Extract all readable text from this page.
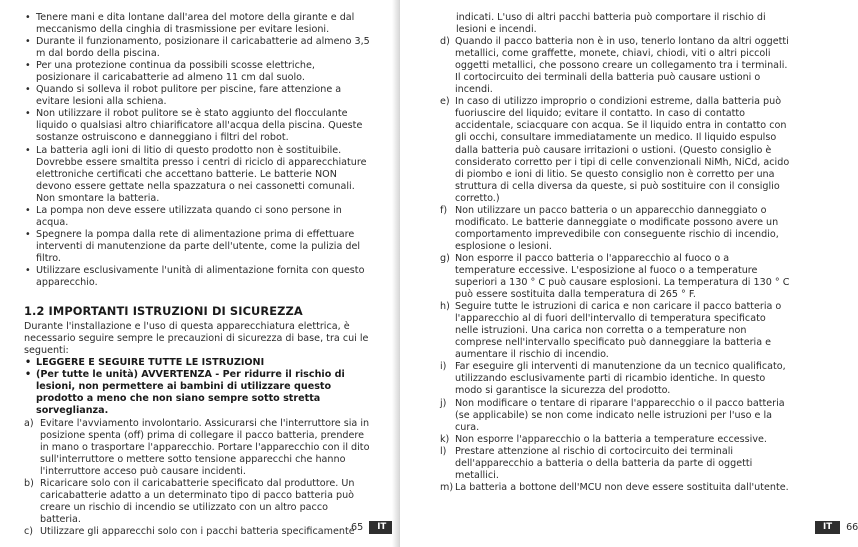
• Tenere mani e dita lontane dall'area del motore della girante e dal meccanismo della cinghia di trasmissione per evitare lesioni.
• Durante il funzionamento, posizionare il caricabatterie ad almeno 3,5 m dal bordo della piscina.
• Per una protezione continua da possibili scosse elettriche, posizionare il caricabatterie ad almeno 11 cm dal suolo.
• Quando si solleva il robot pulitore per piscine, fare attenzione a evitare lesioni alla schiena.
• Non utilizzare il robot pulitore se è stato aggiunto del flocculante liquido o qualsiasi altro chiarificatore all'acqua della piscina. Queste sostanze ostruiscono e danneggiano i filtri del robot.
• La batteria agli ioni di litio di questo prodotto non è sostituibile. Dovrebbe essere smaltita presso i centri di riciclo di apparecchiature elettroniche certificati che accettano batterie. Le batterie NON devono essere gettate nella spazzatura o nei cassonetti comunali. Non smontare la batteria.
• La pompa non deve essere utilizzata quando ci sono persone in acqua.
• Spegnere la pompa dalla rete di alimentazione prima di effettuare interventi di manutenzione da parte dell'utente, come la pulizia del filtro.
• Utilizzare esclusivamente l'unità di alimentazione fornita con questo apparecchio.
1.2 IMPORTANTI ISTRUZIONI DI SICUREZZA
Durante l'installazione e l'uso di questa apparecchiatura elettrica, è necessario seguire sempre le precauzioni di sicurezza di base, tra cui le seguenti:
• LEGGERE E SEGUIRE TUTTE LE ISTRUZIONI
• (Per tutte le unità) AVVERTENZA - Per ridurre il rischio di lesioni, non permettere ai bambini di utilizzare questo prodotto a meno che non siano sempre sotto stretta sorveglianza.
a) Evitare l'avviamento involontario. Assicurarsi che l'interruttore sia in posizione spenta (off) prima di collegare il pacco batteria, prendere in mano o trasportare l'apparecchio. Portare l'apparecchio con il dito sull'interruttore o mettere sotto tensione apparecchi che hanno l'interruttore acceso può causare incidenti.
b) Ricaricare solo con il caricabatterie specificato dal produttore. Un caricabatterie adatto a un determinato tipo di pacco batteria può creare un rischio di incendio se utilizzato con un altro pacco batteria.
c) Utilizzare gli apparecchi solo con i pacchi batteria specificamente
65	IT
indicati. L'uso di altri pacchi batteria può comportare il rischio di lesioni e incendi.
d) Quando il pacco batteria non è in uso, tenerlo lontano da altri oggetti metallici, come graffette, monete, chiavi, chiodi, viti o altri piccoli oggetti metallici, che possono creare un collegamento tra i terminali. Il cortocircuito dei terminali della batteria può causare ustioni o incendi.
e) In caso di utilizzo improprio o condizioni estreme, dalla batteria può fuoriuscire del liquido; evitare il contatto. In caso di contatto accidentale, sciacquare con acqua. Se il liquido entra in contatto con gli occhi, consultare immediatamente un medico. Il liquido espulso dalla batteria può causare irritazioni o ustioni. (Questo consiglio è considerato corretto per i tipi di celle convenzionali NiMh, NiCd, acido di piombo e ioni di litio. Se questo consiglio non è corretto per una struttura di cella diversa da queste, si può sostituire con il consiglio corretto.)
f) Non utilizzare un pacco batteria o un apparecchio danneggiato o modificato. Le batterie danneggiate o modificate possono avere un comportamento imprevedibile con conseguente rischio di incendio, esplosione o lesioni.
g) Non esporre il pacco batteria o l'apparecchio al fuoco o a temperature eccessive. L'esposizione al fuoco o a temperature superiori a 130 ° C può causare esplosioni. La temperatura di 130 ° C può essere sostituita dalla temperatura di 265 ° F.
h) Seguire tutte le istruzioni di carica e non caricare il pacco batteria o l'apparecchio al di fuori dell'intervallo di temperatura specificato nelle istruzioni. Una carica non corretta o a temperature non comprese nell'intervallo specificato può danneggiare la batteria e aumentare il rischio di incendio.
i) Far eseguire gli interventi di manutenzione da un tecnico qualificato, utilizzando esclusivamente parti di ricambio identiche. In questo modo si garantisce la sicurezza del prodotto.
j) Non modificare o tentare di riparare l'apparecchio o il pacco batteria (se applicabile) se non come indicato nelle istruzioni per l'uso e la cura.
k) Non esporre l'apparecchio o la batteria a temperature eccessive.
l) Prestare attenzione al rischio di cortocircuito dei terminali dell'apparecchio a batteria o della batteria da parte di oggetti metallici.
m) La batteria a bottone dell'MCU non deve essere sostituita dall'utente.
IT	66
